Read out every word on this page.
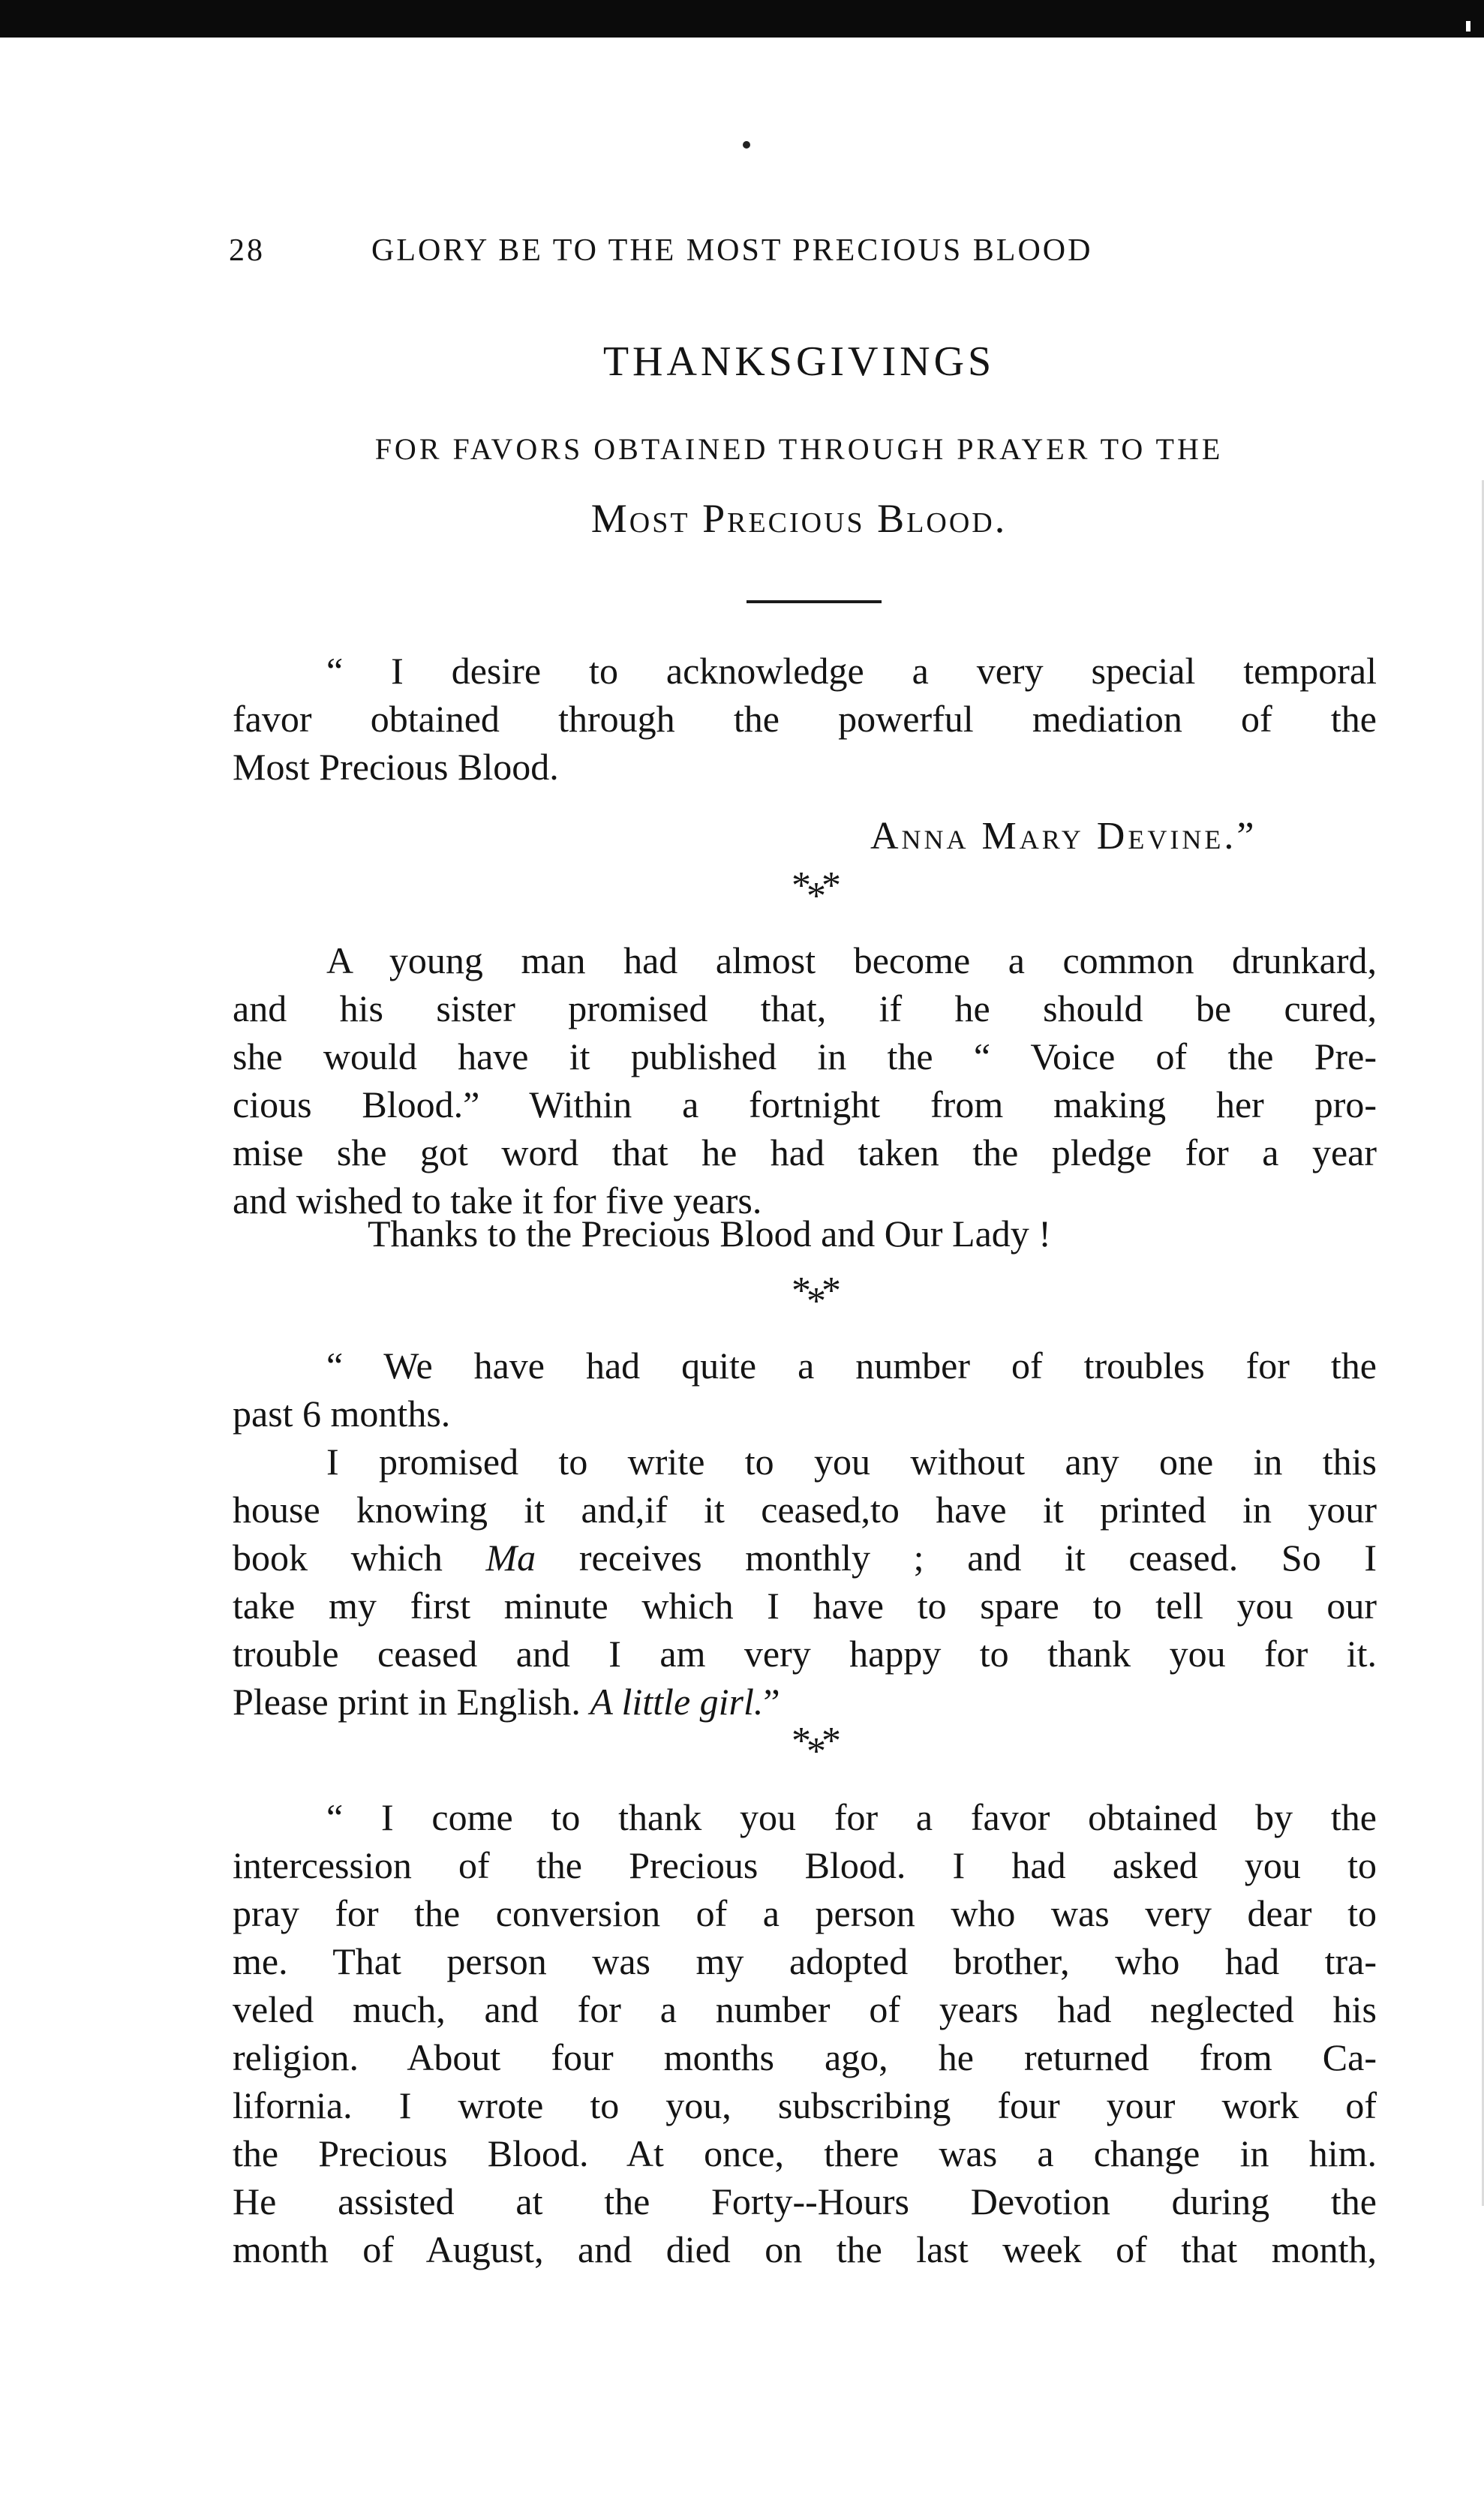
28	GLORY BE TO THE MOST PRECIOUS BLOOD
THANKSGIVINGS
FOR FAVORS OBTAINED THROUGH PRAYER TO THE
Most Precious Blood.
“ I desire to acknowledge a very special temporal
favor obtained through the powerful mediation of the
Most Precious Blood.
Anna Mary Devine.”
***
A young man had almost become a common drunkard,
and his sister promised that, if he should be cured,
she would have it published in the “ Voice of the Pre-
cious Blood.” Within a fortnight from making her pro-
mise she got word that he had taken the pledge for a year
and wished to take it for five years.
Thanks to the Precious Blood and Our Lady !
***
“ We have had quite a number of troubles for the
past 6 months.
I promised to write to you without any one in this
house knowing it and,if it ceased,to have it printed in your
book which Ma receives monthly ; and it ceased. So I
take my first minute which I have to spare to tell you our
trouble ceased and I am very happy to thank you for it.
Please print in English. A little girl.”
***
“ I come to thank you for a favor obtained by the
intercession of the Precious Blood. I had asked you to
pray for the conversion of a person who was very dear to
me. That person was my adopted brother, who had tra-
veled much, and for a number of years had neglected his
religion. About four months ago, he returned from Ca-
lifornia. I wrote to you, subscribing four your work of
the Precious Blood. At once, there was a change in him.
He assisted at the Forty--Hours Devotion during the
month of August, and died on the last week of that month,
